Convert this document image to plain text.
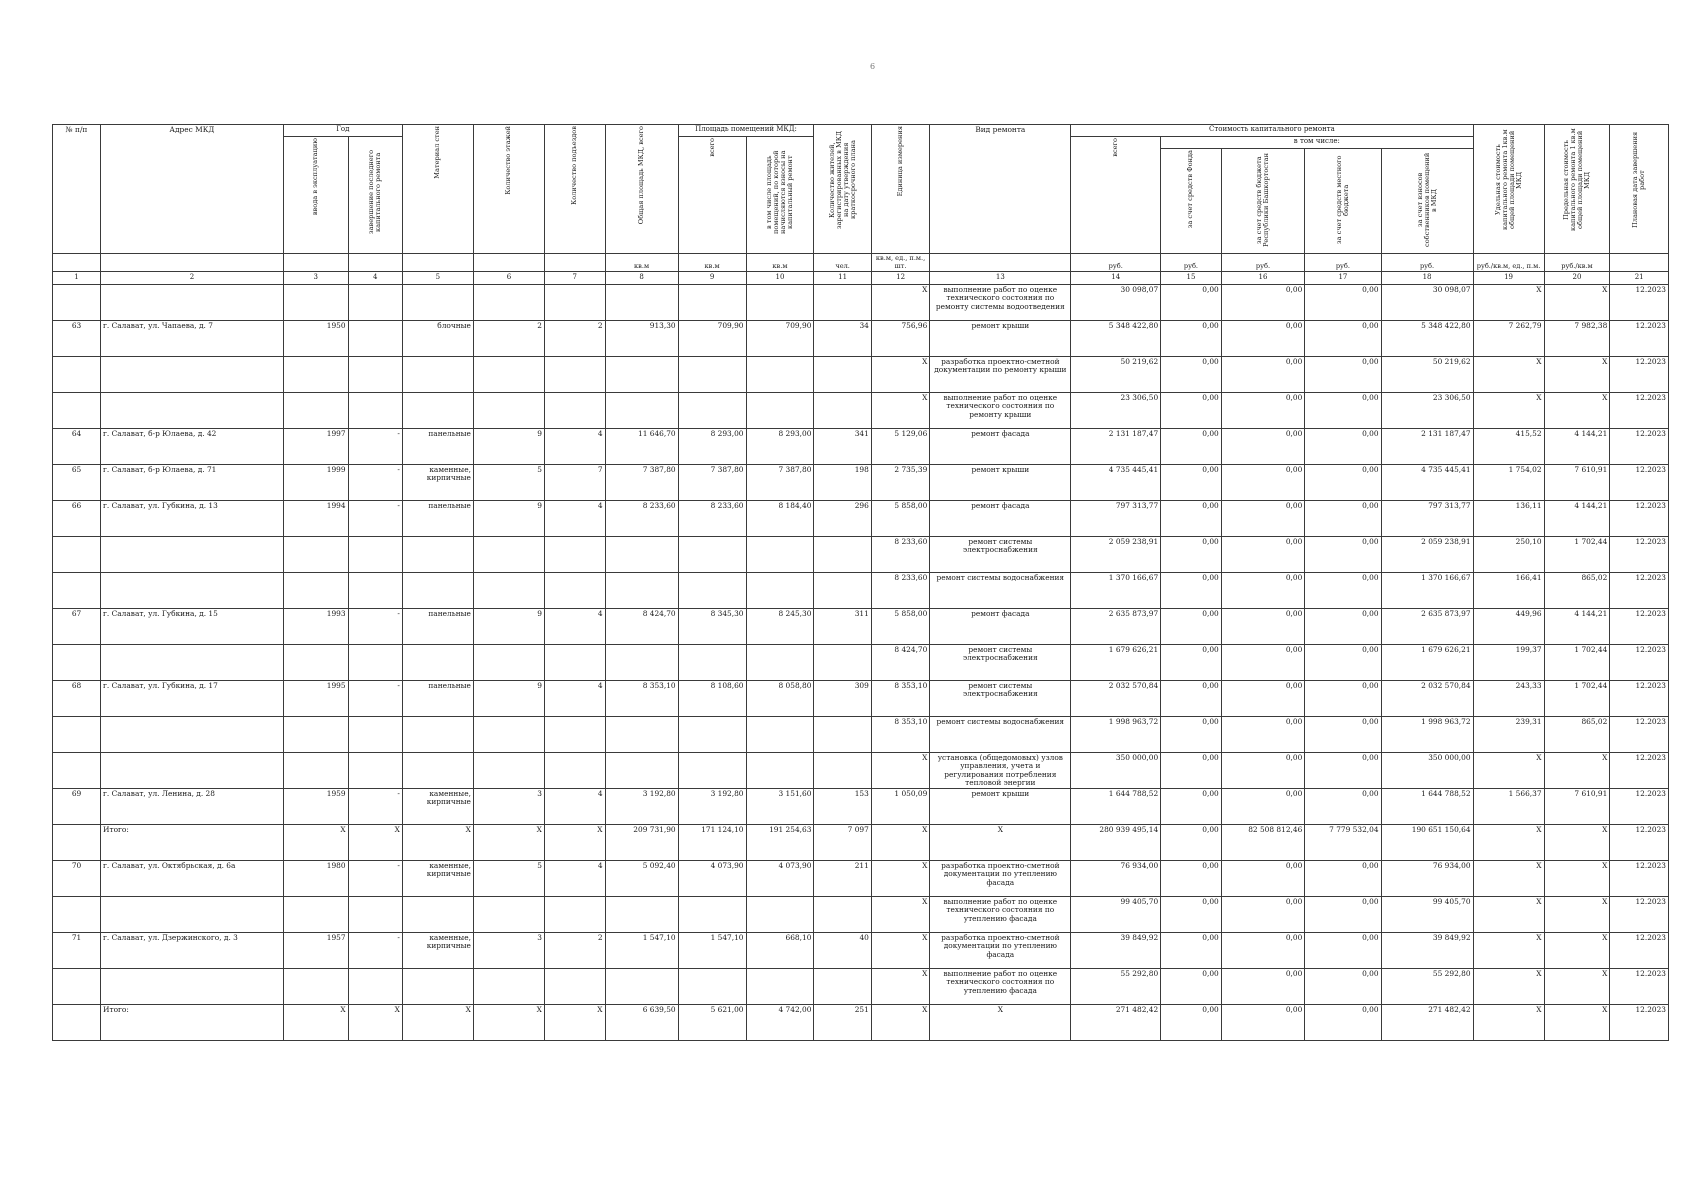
6
№ п/п	Адрес МКД	Год		Материал стен	Количество этажей	Количество подъездов	Общая площадь МКД, всего	Площадь помещений МКД:		Количество жителей, зарегистрированных в МКД на дату утверждения краткосрочного плана	Единица измерения	Вид ремонта	Стоимость капитального ремонта					Удельная стоимость капитального ремонта 1кв.м общей площади помещений МКД	Предельная стоимость капитального ремонта 1 кв.м общей площади помещений МКД	Плановая дата завершения работ
		ввода в эксплуатацию	завершение последнего капитального ремонта					всего	в том числе площадь помещений, по которой начисляются взносы на капитальный ремонт				всего	в том числе:						
														за счет средств Фонда	за счет средств бюджета Республики Башкортостан	за счет средств местного бюджета	за счет взносов собственников помещений в МКД			
							кв.м	кв.м	кв.м	чел.	кв.м, ед., п.м., шт.		руб.	руб.	руб.	руб.	руб.	руб./кв.м, ед., п.м.	руб./кв.м	
1	2	3	4	5	6	7	8	9	10	11	12	13	14	15	16	17	18	19	20	21
											X	выполнение работ по оценке технического состояния по ремонту системы водоотведения	30 098,07	0,00	0,00	0,00	30 098,07	X	X	12.2023
63	г. Салават, ул. Чапаева, д. 7	1950		блочные	2	2	913,30	709,90	709,90	34	756,96	ремонт крыши	5 348 422,80	0,00	0,00	0,00	5 348 422,80	7 262,79	7 982,38	12.2023
											X	разработка проектно-сметной документации по ремонту крыши	50 219,62	0,00	0,00	0,00	50 219,62	X	X	12.2023
											X	выполнение работ по оценке технического состояния по ремонту крыши	23 306,50	0,00	0,00	0,00	23 306,50	X	X	12.2023
64	г. Салават, б-р Юлаева, д. 42	1997	-	панельные	9	4	11 646,70	8 293,00	8 293,00	341	5 129,06	ремонт фасада	2 131 187,47	0,00	0,00	0,00	2 131 187,47	415,52	4 144,21	12.2023
65	г. Салават, б-р Юлаева, д. 71	1999	-	каменные, кирпичные	5	7	7 387,80	7 387,80	7 387,80	198	2 735,39	ремонт крыши	4 735 445,41	0,00	0,00	0,00	4 735 445,41	1 754,02	7 610,91	12.2023
66	г. Салават, ул. Губкина, д. 13	1994	-	панельные	9	4	8 233,60	8 233,60	8 184,40	296	5 858,00	ремонт фасада	797 313,77	0,00	0,00	0,00	797 313,77	136,11	4 144,21	12.2023
											8 233,60	ремонт системы электроснабжения	2 059 238,91	0,00	0,00	0,00	2 059 238,91	250,10	1 702,44	12.2023
											8 233,60	ремонт системы водоснабжения	1 370 166,67	0,00	0,00	0,00	1 370 166,67	166,41	865,02	12.2023
67	г. Салават, ул. Губкина, д. 15	1993	-	панельные	9	4	8 424,70	8 345,30	8 245,30	311	5 858,00	ремонт фасада	2 635 873,97	0,00	0,00	0,00	2 635 873,97	449,96	4 144,21	12.2023
											8 424,70	ремонт системы электроснабжения	1 679 626,21	0,00	0,00	0,00	1 679 626,21	199,37	1 702,44	12.2023
68	г. Салават, ул. Губкина, д. 17	1995	-	панельные	9	4	8 353,10	8 108,60	8 058,80	309	8 353,10	ремонт системы электроснабжения	2 032 570,84	0,00	0,00	0,00	2 032 570,84	243,33	1 702,44	12.2023
											8 353,10	ремонт системы водоснабжения	1 998 963,72	0,00	0,00	0,00	1 998 963,72	239,31	865,02	12.2023
											X	установка (общедомовых) узлов управления, учета и регулирования потребления тепловой энергии	350 000,00	0,00	0,00	0,00	350 000,00	X	X	12.2023
69	г. Салават, ул. Ленина, д. 28	1959	-	каменные, кирпичные	3	4	3 192,80	3 192,80	3 151,60	153	1 050,09	ремонт крыши	1 644 788,52	0,00	0,00	0,00	1 644 788,52	1 566,37	7 610,91	12.2023
	Итого:	X	X	X	X	X	209 731,90	171 124,10	191 254,63	7 097	X	X	280 939 495,14	0,00	82 508 812,46	7 779 532,04	190 651 150,64	X	X	12.2023
70	г. Салават, ул. Октябрьская, д. 6а	1980	-	каменные, кирпичные	5	4	5 092,40	4 073,90	4 073,90	211	X	разработка проектно-сметной документации по утеплению фасада	76 934,00	0,00	0,00	0,00	76 934,00	X	X	12.2023
											X	выполнение работ по оценке технического состояния по утеплению фасада	99 405,70	0,00	0,00	0,00	99 405,70	X	X	12.2023
71	г. Салават, ул. Дзержинского, д. 3	1957	-	каменные, кирпичные	3	2	1 547,10	1 547,10	668,10	40	X	разработка проектно-сметной документации по утеплению фасада	39 849,92	0,00	0,00	0,00	39 849,92	X	X	12.2023
											X	выполнение работ по оценке технического состояния по утеплению фасада	55 292,80	0,00	0,00	0,00	55 292,80	X	X	12.2023
	Итого:	X	X	X	X	X	6 639,50	5 621,00	4 742,00	251	X	X	271 482,42	0,00	0,00	0,00	271 482,42	X	X	12.2023
